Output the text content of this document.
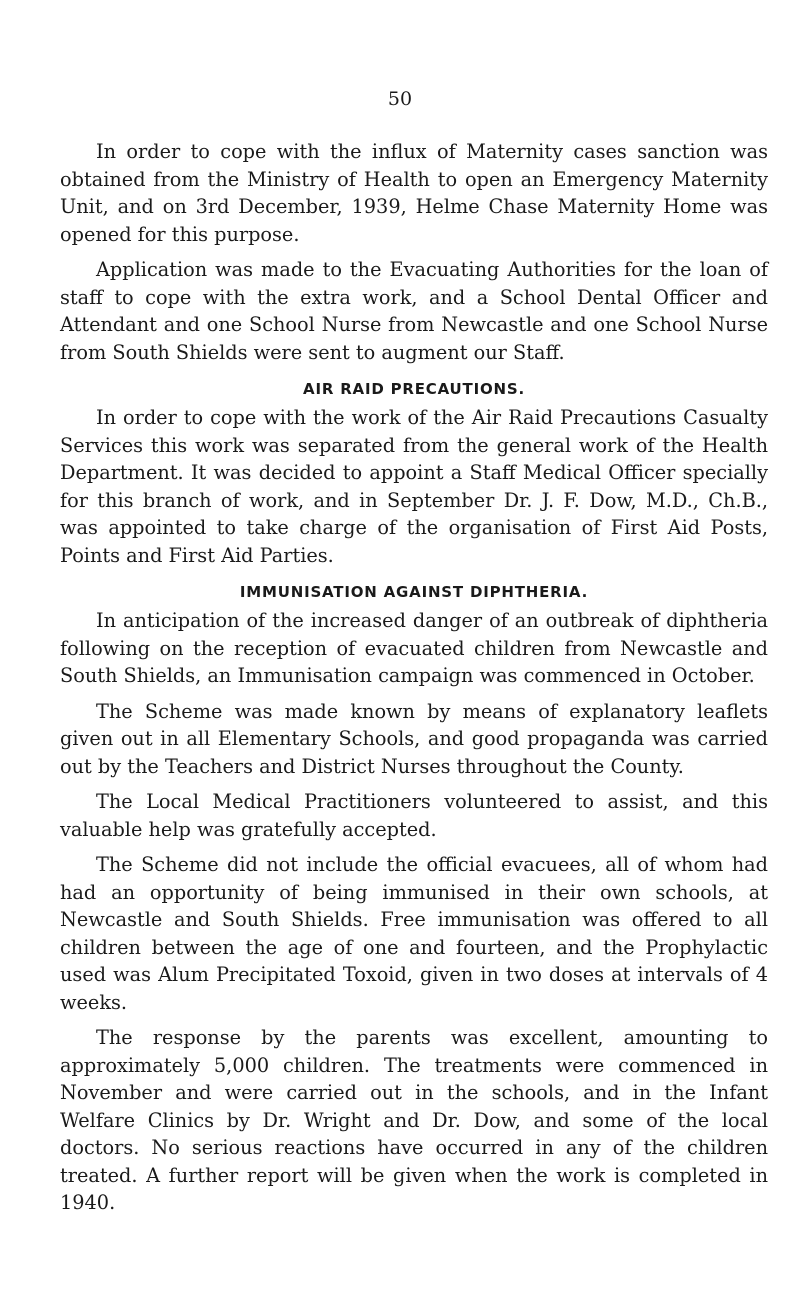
50

In order to cope with the influx of Maternity cases sanction was obtained from the Ministry of Health to open an Emergency Maternity Unit, and on 3rd December, 1939, Helme Chase Maternity Home was opened for this purpose.

Application was made to the Evacuating Authorities for the loan of staff to cope with the extra work, and a School Dental Officer and Attendant and one School Nurse from Newcastle and one School Nurse from South Shields were sent to augment our Staff.

AIR RAID PRECAUTIONS.

In order to cope with the work of the Air Raid Precautions Casualty Services this work was separated from the general work of the Health Department. It was decided to appoint a Staff Medical Officer specially for this branch of work, and in September Dr. J. F. Dow, M.D., Ch.B., was appointed to take charge of the organisation of First Aid Posts, Points and First Aid Parties.

IMMUNISATION AGAINST DIPHTHERIA.

In anticipation of the increased danger of an outbreak of diphtheria following on the reception of evacuated children from Newcastle and South Shields, an Immunisation campaign was commenced in October.

The Scheme was made known by means of explanatory leaflets given out in all Elementary Schools, and good propaganda was carried out by the Teachers and District Nurses throughout the County.

The Local Medical Practitioners volunteered to assist, and this valuable help was gratefully accepted.

The Scheme did not include the official evacuees, all of whom had had an opportunity of being immunised in their own schools, at Newcastle and South Shields. Free immunisation was offered to all children between the age of one and fourteen, and the Prophylactic used was Alum Precipitated Toxoid, given in two doses at intervals of 4 weeks.

The response by the parents was excellent, amounting to approximately 5,000 children. The treatments were commenced in November and were carried out in the schools, and in the Infant Welfare Clinics by Dr. Wright and Dr. Dow, and some of the local doctors. No serious reactions have occurred in any of the children treated. A further report will be given when the work is completed in 1940.
